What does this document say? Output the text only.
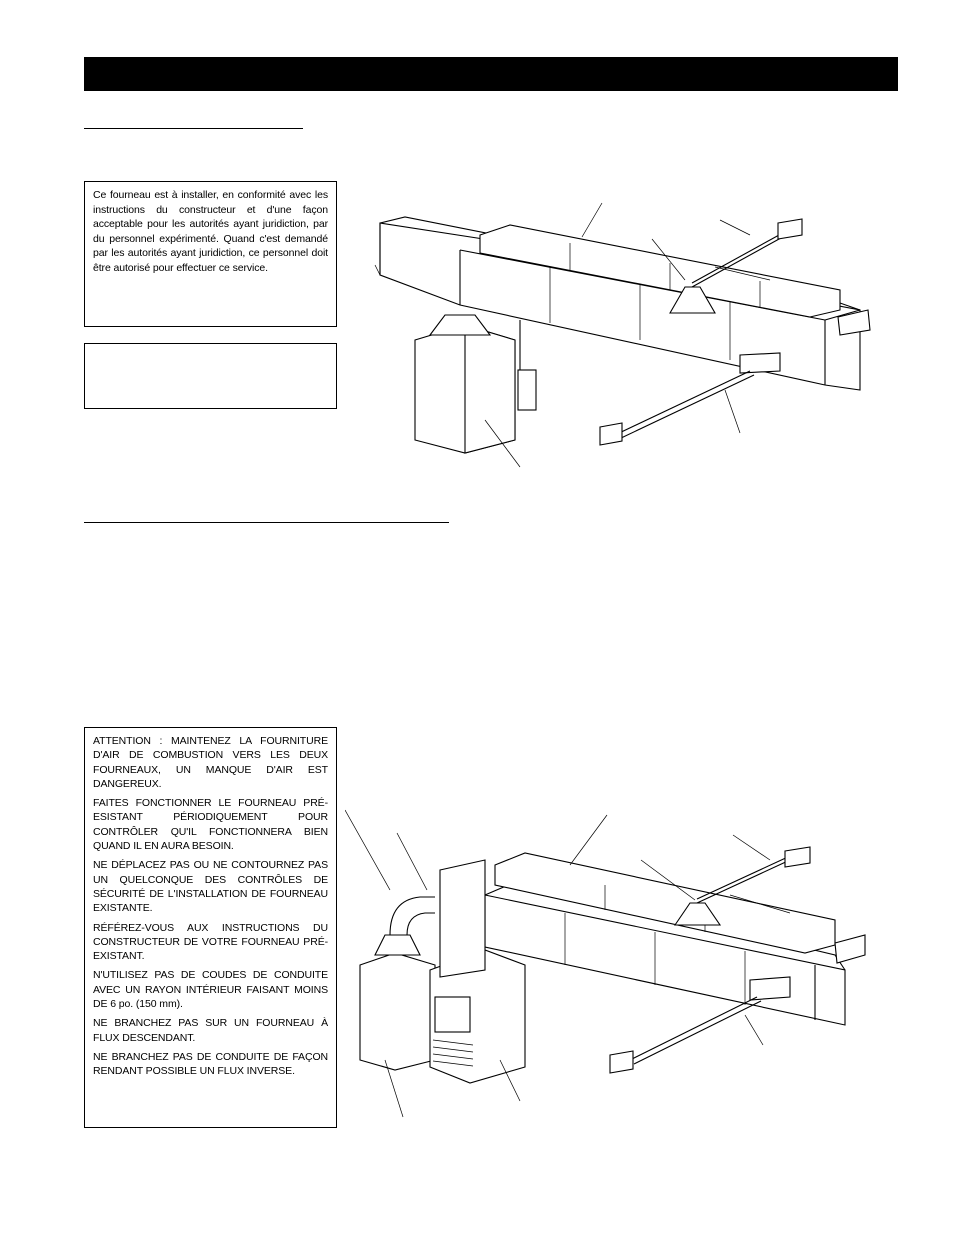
Ce fourneau est à installer, en conformité avec les instructions du constructeur et d'une façon acceptable pour les autorités ayant juridiction, par du personnel expérimenté. Quand c'est demandé par les autorités ayant juridiction, ce personnel doit être autorisé pour effectuer ce service.

ATTENTION : MAINTENEZ LA FOURNITURE D'AIR DE COMBUSTION VERS LES DEUX FOURNEAUX, UN MANQUE D'AIR EST DANGEREUX.

FAITES FONCTIONNER LE FOURNEAU PRÉ-ESISTANT PÉRIODIQUEMENT POUR CONTRÔLER QU'IL FONCTIONNERA BIEN QUAND IL EN AURA BESOIN.

NE DÉPLACEZ PAS OU NE CONTOURNEZ PAS UN QUELCONQUE DES CONTRÔLES DE SÉCURITÉ DE L'INSTALLATION DE FOURNEAU EXISTANTE.

RÉFÉREZ-VOUS AUX INSTRUCTIONS DU CONSTRUCTEUR DE VOTRE FOURNEAU PRÉ-EXISTANT.

N'UTILISEZ PAS DE COUDES DE CONDUITE AVEC UN RAYON INTÉRIEUR FAISANT MOINS DE 6 po. (150 mm).

NE BRANCHEZ PAS SUR UN FOURNEAU À FLUX DESCENDANT.

NE BRANCHEZ PAS DE CONDUITE DE FAÇON RENDANT POSSIBLE UN FLUX INVERSE.
